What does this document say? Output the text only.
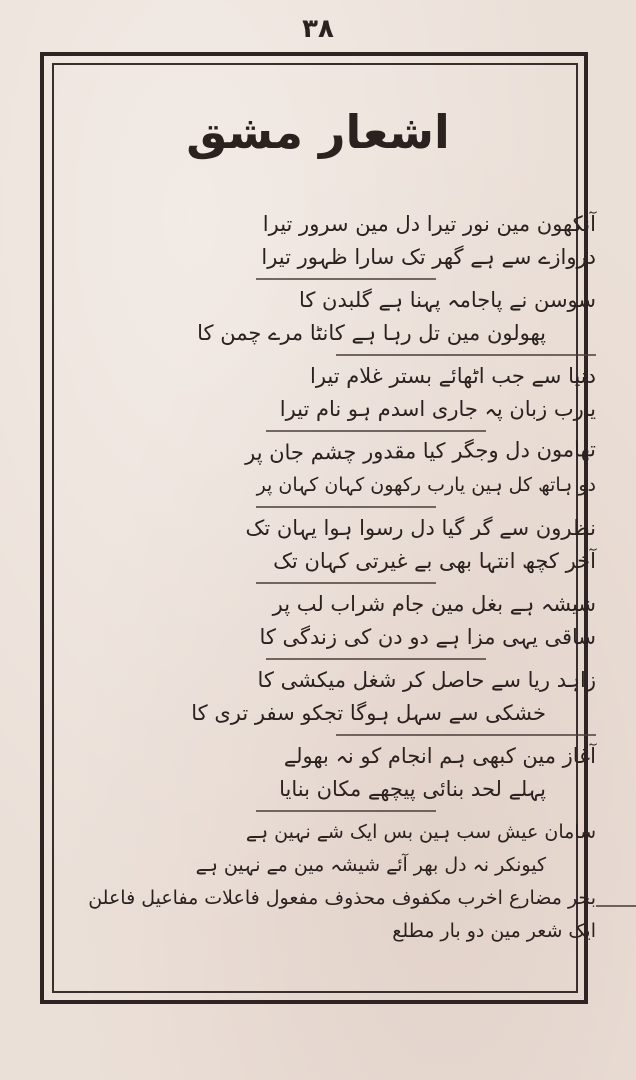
۳۸
اشعار مشق
آنکھون مین نور تیرا دل مین سرور تیرا
دروازے سے ہے گھر تک سارا ظہور تیرا
سوسن نے پاجامہ پہنا ہے گلبدن کا
پھولون مین تل رہا ہے کانٹا مرے چمن کا
دنیا سے جب اٹھائے بستر غلام تیرا
یارب زبان پہ جاری اسدم ہو نام تیرا
تھامون دل وجگر کیا مقدور چشم جان پر
دو ہاتھ کل ہین یارب رکھون کہان کہان پر
نظرون سے گر گیا دل رسوا ہوا یہان تک
آخر کچھ انتہا بھی بے غیرتی کہان تک
شیشہ ہے بغل مین جام شراب لب پر
ساقی یہی مزا ہے دو دن کی زندگی کا
زاہد ریا سے حاصل کر شغل میکشی کا
خشکی سے سہل ہوگا تجکو سفر تری کا
آغاز مین کبھی ہم انجام کو نہ بھولے
پہلے لحد بنائی پیچھے مکان بنایا
سامان عیش سب ہین بس ایک شے نہین ہے
کیونکر نہ دل بھر آئے شیشہ مین مے نہین ہے
بحر مضارع اخرب مکفوف محذوف مفعول فاعلات مفاعیل فاعلن
ایک شعر مین دو بار مطلع
